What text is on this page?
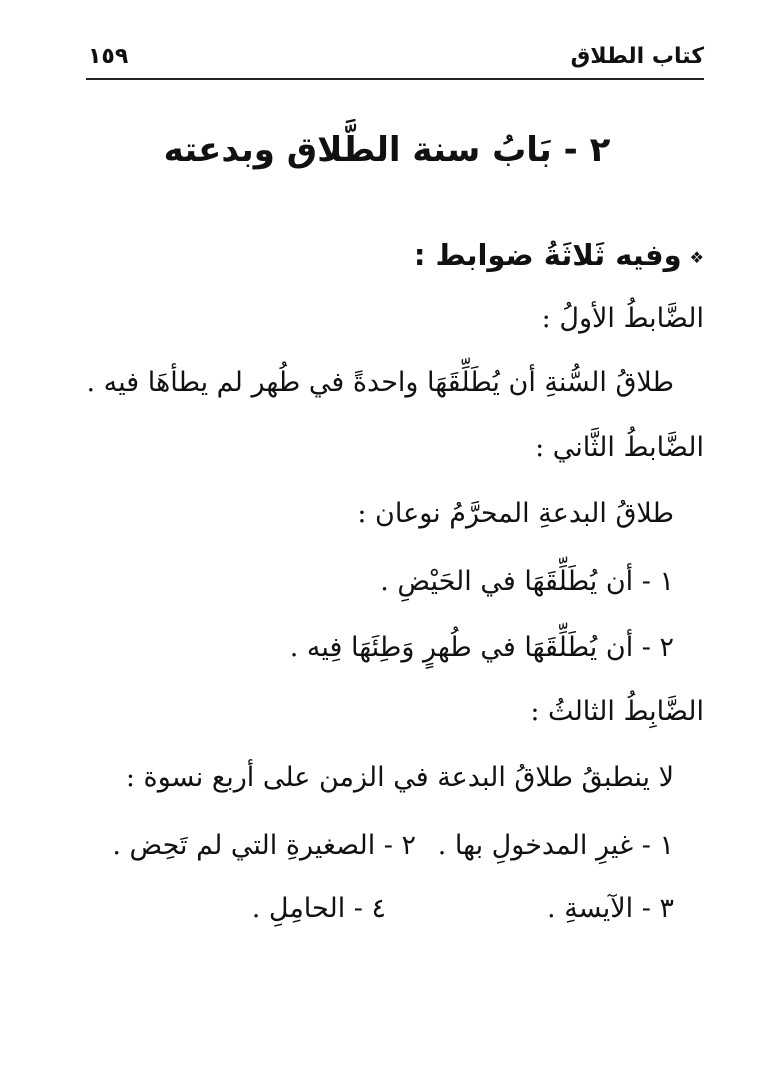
كتاب الطلاق
١٥٩
٢ - بَابُ سنة الطَّلاق وبدعته
❖وفيه ثَلاثَةُ ضوابط :
الضَّابطُ الأولُ :
طلاقُ السُّنةِ أن يُطَلِّقَهَا واحدةً في طُهر لم يطأهَا فيه .
الضَّابطُ الثَّاني :
طلاقُ البدعةِ المحرَّمُ نوعان :
١ - أن يُطَلِّقَهَا في الحَيْضِ .
٢ - أن يُطَلِّقَهَا في طُهرٍ وَطِئَهَا فِيه .
الضَّابِطُ الثالثُ :
لا ينطبقُ طلاقُ البدعة في الزمن على أربع نسوة :
١ - غيرِ المدخولِ بها .
٢ - الصغيرةِ التي لم تَحِض .
٣ - الآيسةِ .
٤ - الحامِلِ .
